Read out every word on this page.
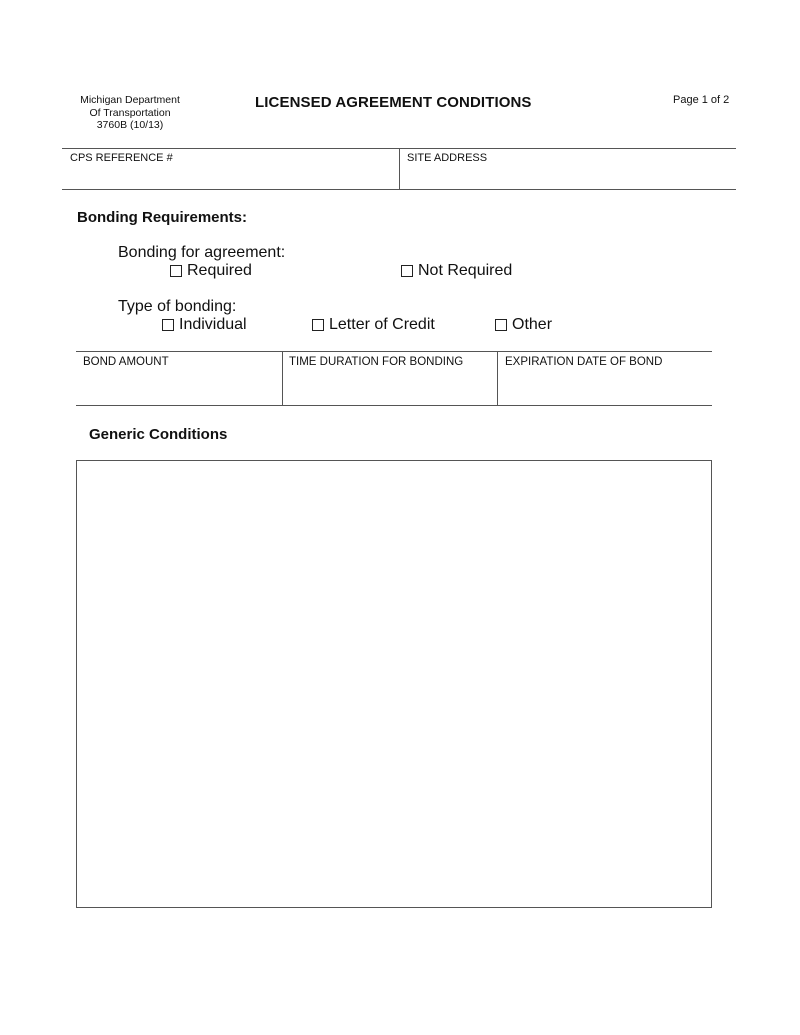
Michigan Department
Of Transportation
3760B (10/13)
LICENSED AGREEMENT CONDITIONS	Page 1 of 2
CPS REFERENCE #	SITE ADDRESS
Bonding Requirements:
Bonding for agreement:
Required	Not Required
Type of bonding:
Individual	Letter of Credit	Other
BOND AMOUNT	TIME DURATION FOR BONDING	EXPIRATION DATE OF BOND
Generic Conditions
